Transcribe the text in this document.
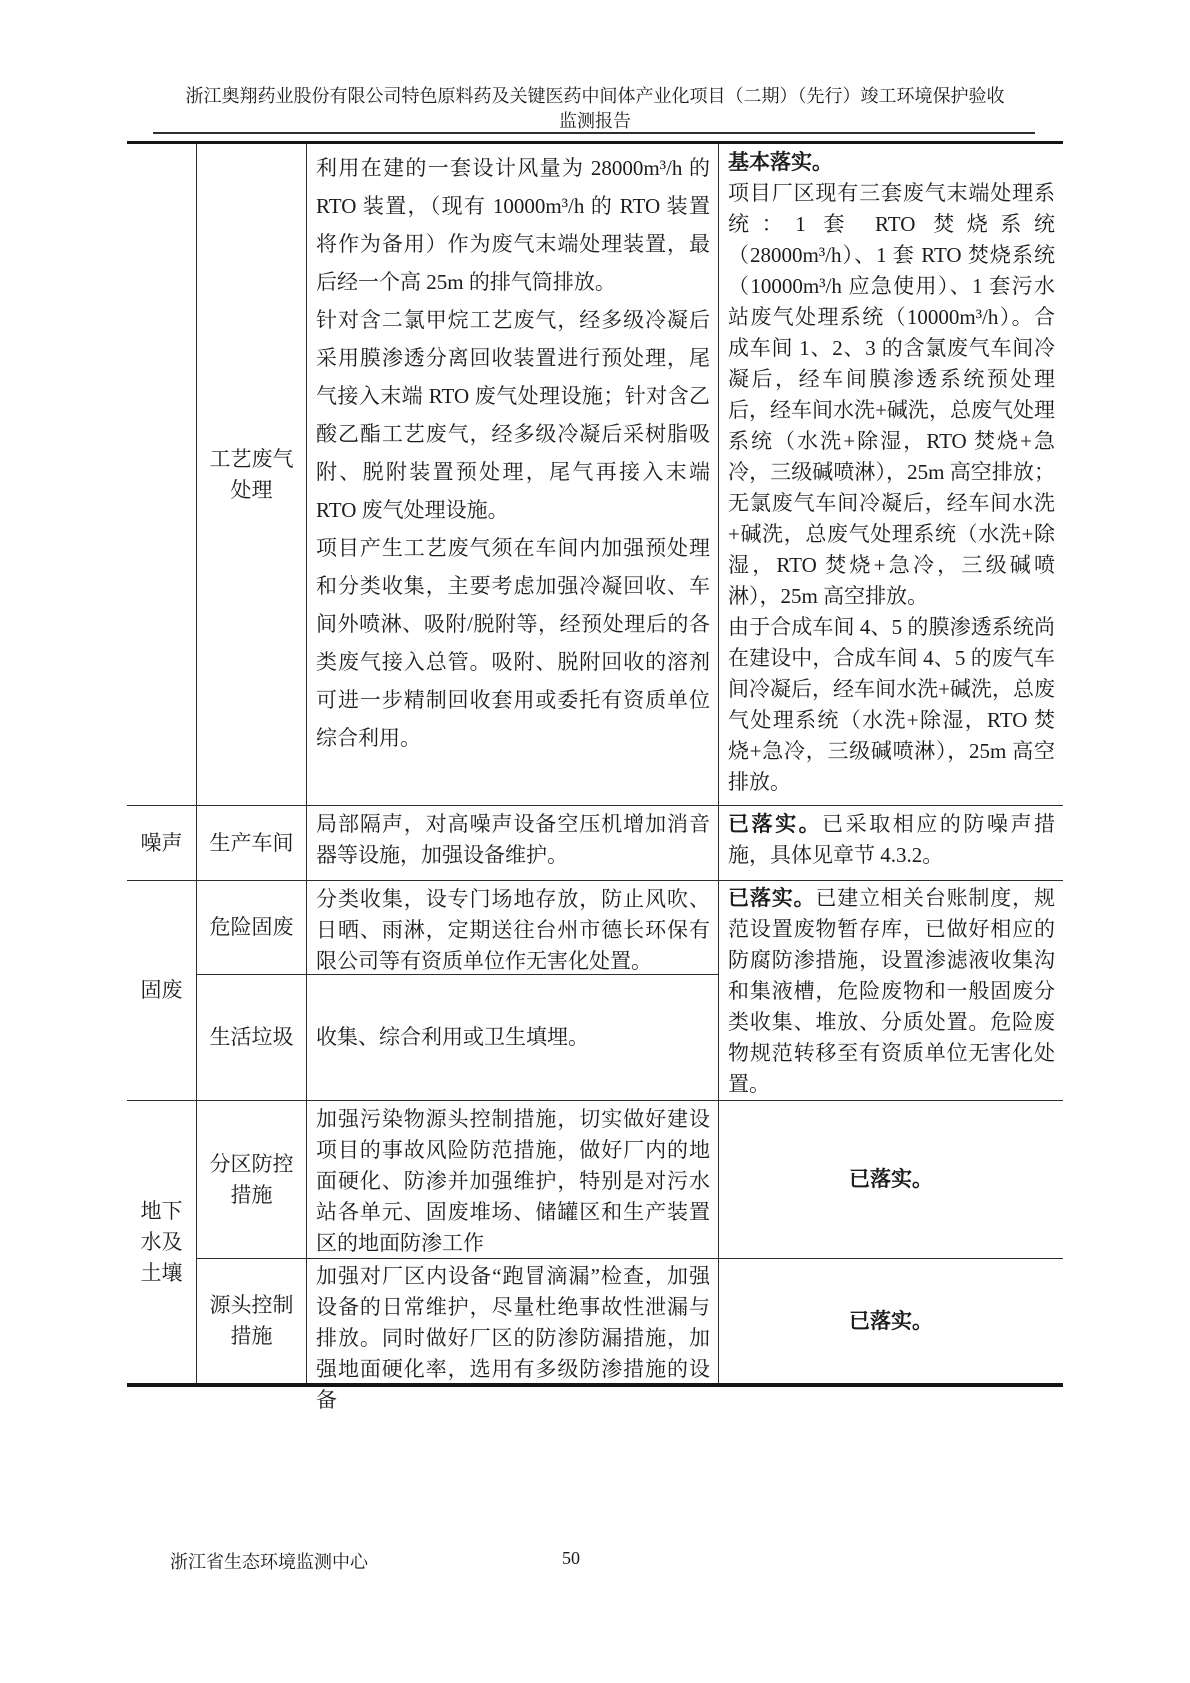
浙江奥翔药业股份有限公司特色原料药及关键医药中间体产业化项目（二期）（先行）竣工环境保护验收
监测报告
工艺废气
处理

利用在建的一套设计风量为 28000m³/h 的 RTO 装置，（现有 10000m³/h 的 RTO 装置将作为备用）作为废气末端处理装置，最后经一个高 25m 的排气筒排放。

针对含二氯甲烷工艺废气，经多级冷凝后采用膜渗透分离回收装置进行预处理，尾气接入末端 RTO 废气处理设施；针对含乙酸乙酯工艺废气，经多级冷凝后采树脂吸附、脱附装置预处理，尾气再接入末端 RTO 废气处理设施。

项目产生工艺废气须在车间内加强预处理和分类收集，主要考虑加强冷凝回收、车间外喷淋、吸附/脱附等，经预处理后的各类废气接入总管。吸附、脱附回收的溶剂可进一步精制回收套用或委托有资质单位综合利用。

基本落实。

项目厂区现有三套废气末端处理系统：1 套 RTO 焚烧系统（28000m³/h）、1 套 RTO 焚烧系统（10000m³/h 应急使用）、1 套污水站废气处理系统（10000m³/h）。合成车间 1、2、3 的含氯废气车间冷凝后，经车间膜渗透系统预处理后，经车间水洗+碱洗，总废气处理系统（水洗+除湿，RTO 焚烧+急冷，三级碱喷淋），25m 高空排放；无氯废气车间冷凝后，经车间水洗+碱洗，总废气处理系统（水洗+除湿，RTO 焚烧+急冷，三级碱喷淋），25m 高空排放。

由于合成车间 4、5 的膜渗透系统尚在建设中，合成车间 4、5 的废气车间冷凝后，经车间水洗+碱洗，总废气处理系统（水洗+除湿，RTO 焚烧+急冷，三级碱喷淋），25m 高空排放。

噪声 生产车间

局部隔声，对高噪声设备空压机增加消音器等设施，加强设备维护。

已落实。已采取相应的防噪声措施，具体见章节 4.3.2。

固废
危险固废

分类收集，设专门场地存放，防止风吹、日晒、雨淋，定期送往台州市德长环保有限公司等有资质单位作无害化处置。

已落实。已建立相关台账制度，规范设置废物暂存库，已做好相应的防腐防渗措施，设置渗滤液收集沟和集液槽，危险废物和一般固废分类收集、堆放、分质处置。危险废物规范转移至有资质单位无害化处置。

生活垃圾 收集、综合利用或卫生填埋。
地下
水及
土壤
分区防控
措施

加强污染物源头控制措施，切实做好建设项目的事故风险防范措施，做好厂内的地面硬化、防渗并加强维护，特别是对污水站各单元、固废堆场、储罐区和生产装置区的地面防渗工作

已落实。
源头控制
措施

加强对厂区内设备“跑冒滴漏”检查，加强设备的日常维护，尽量杜绝事故性泄漏与排放。同时做好厂区的防渗防漏措施，加强地面硬化率，选用有多级防渗措施的设备

已落实。
浙江省生态环境监测中心	50
